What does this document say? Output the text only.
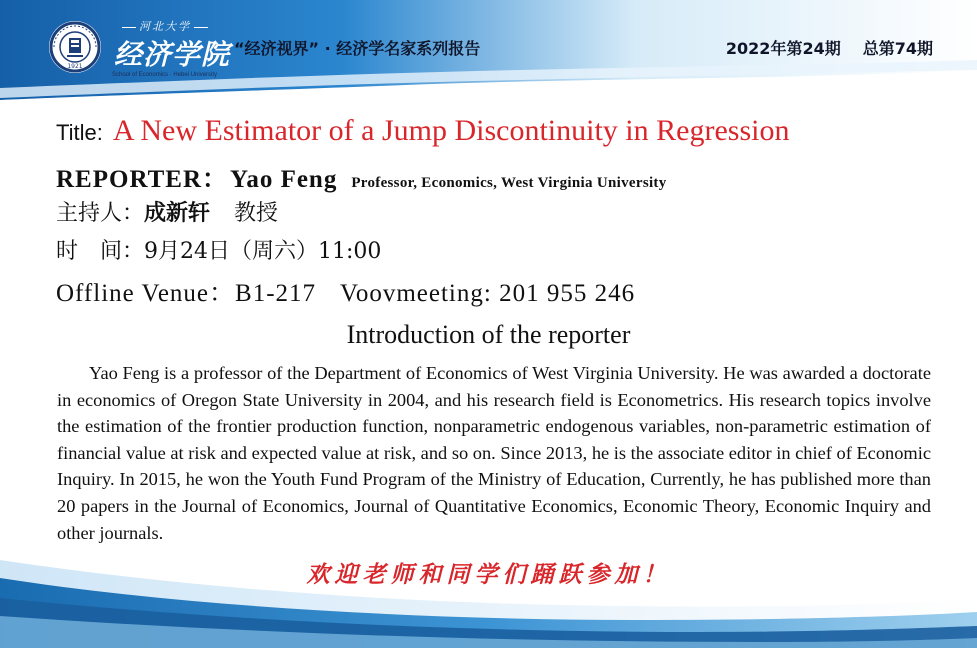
1921
河北大学
经济学院
School of Economics · Hebei University
“经济视界” · 经济学名家系列报告	2022年第24期 总第74期
Title: A New Estimator of a Jump Discontinuity in Regression
REPORTER：Yao Feng Professor, Economics, West Virginia University
主持人：成新轩 教授
时　间：9月24日（周六）11:00
Offline Venue：B1-217 Voovmeeting: 201 955 246
Introduction of the reporter

Yao Feng is a professor of the Department of Economics of West Virginia University. He was awarded a doctorate in economics of Oregon State University in 2004, and his research field is Econometrics. His research topics involve the estimation of the frontier production function, nonparametric endogenous variables, non-parametric estimation of financial value at risk and expected value at risk, and so on. Since 2013, he is the associate editor in chief of Economic Inquiry. In 2015, he won the Youth Fund Program of the Ministry of Education, Currently, he has published more than 20 papers in the Journal of Economics, Journal of Quantitative Economics, Economic Theory, Economic Inquiry and other journals.

欢迎老师和同学们踊跃参加！
